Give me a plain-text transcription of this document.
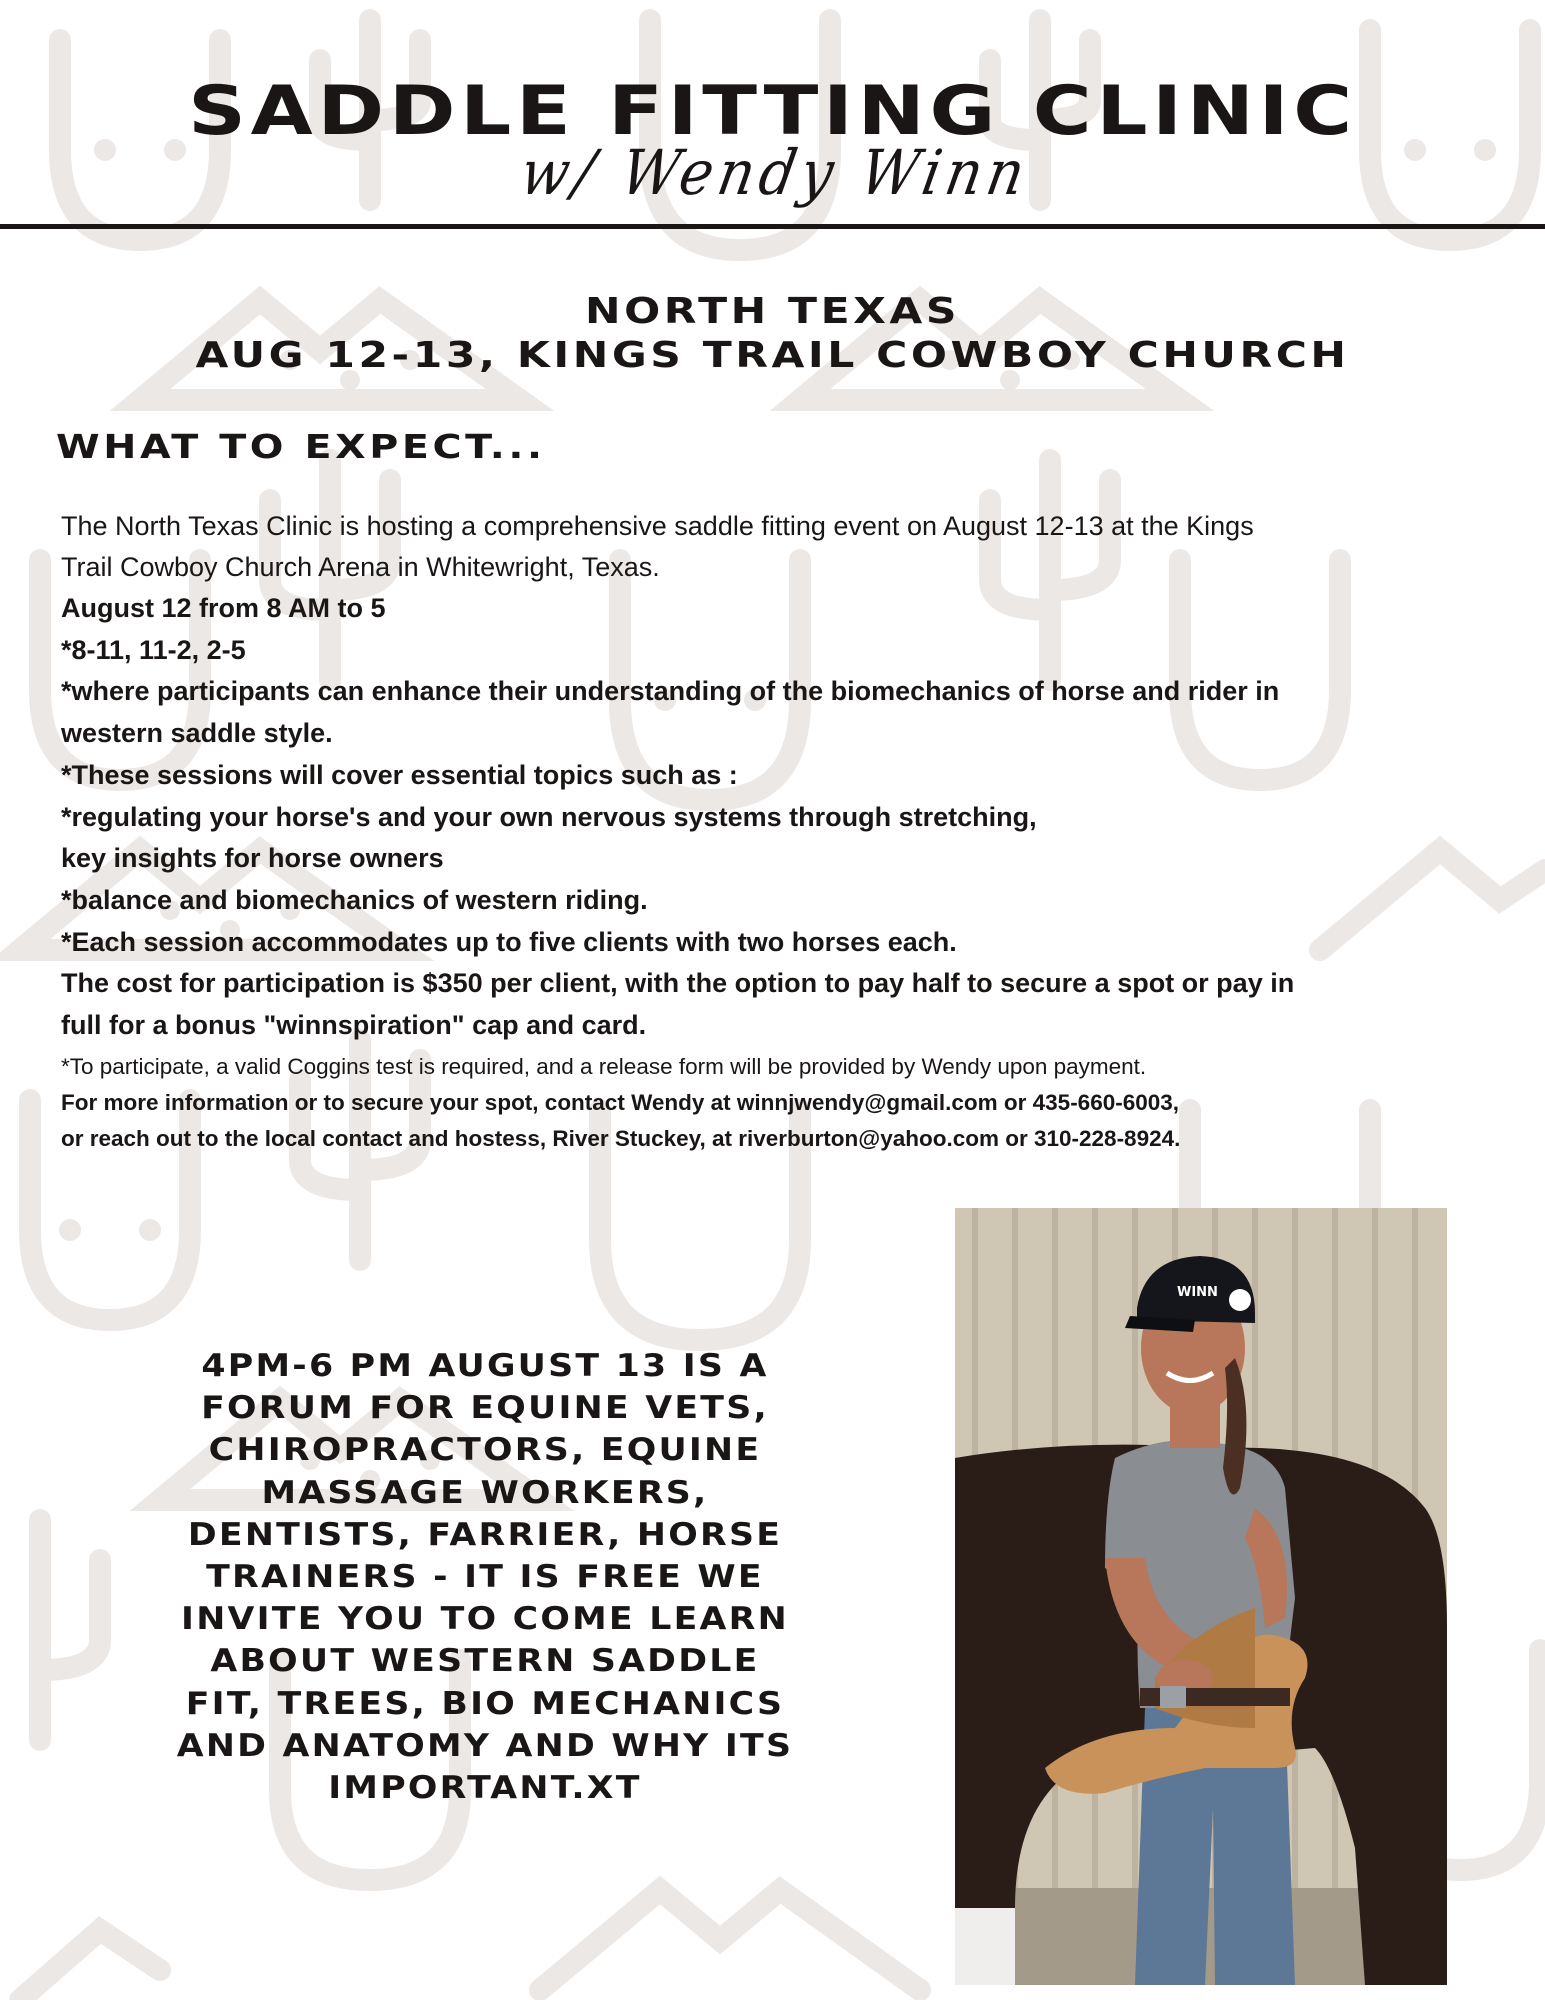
SADDLE FITTING CLINIC
w/ Wendy Winn
NORTH TEXAS
AUG 12-13, KINGS TRAIL COWBOY CHURCH
WHAT TO EXPECT...
The North Texas Clinic is hosting a comprehensive saddle fitting event on August 12-13 at the Kings
Trail Cowboy Church Arena in Whitewright, Texas.
August 12 from 8 AM to 5
*8-11, 11-2, 2-5
*where participants can enhance their understanding of the biomechanics of horse and rider in
western saddle style.
*These sessions will cover essential topics such as :
*regulating your horse's and your own nervous systems through stretching,
key insights for horse owners
*balance and biomechanics of western riding.
*Each session accommodates up to five clients with two horses each.
The cost for participation is $350 per client, with the option to pay half to secure a spot or pay in
full for a bonus "winnspiration" cap and card.
*To participate, a valid Coggins test is required, and a release form will be provided by Wendy upon payment.
For more information or to secure your spot, contact Wendy at winnjwendy@gmail.com or 435-660-6003,
or reach out to the local contact and hostess, River Stuckey, at riverburton@yahoo.com or 310-228-8924.
4PM-6 PM AUGUST 13 IS A
FORUM FOR EQUINE VETS,
CHIROPRACTORS, EQUINE
MASSAGE WORKERS,
DENTISTS, FARRIER, HORSE
TRAINERS - IT IS FREE WE
INVITE YOU TO COME LEARN
ABOUT WESTERN SADDLE
FIT, TREES, BIO MECHANICS
AND ANATOMY AND WHY ITS
IMPORTANT.XT
WINN
